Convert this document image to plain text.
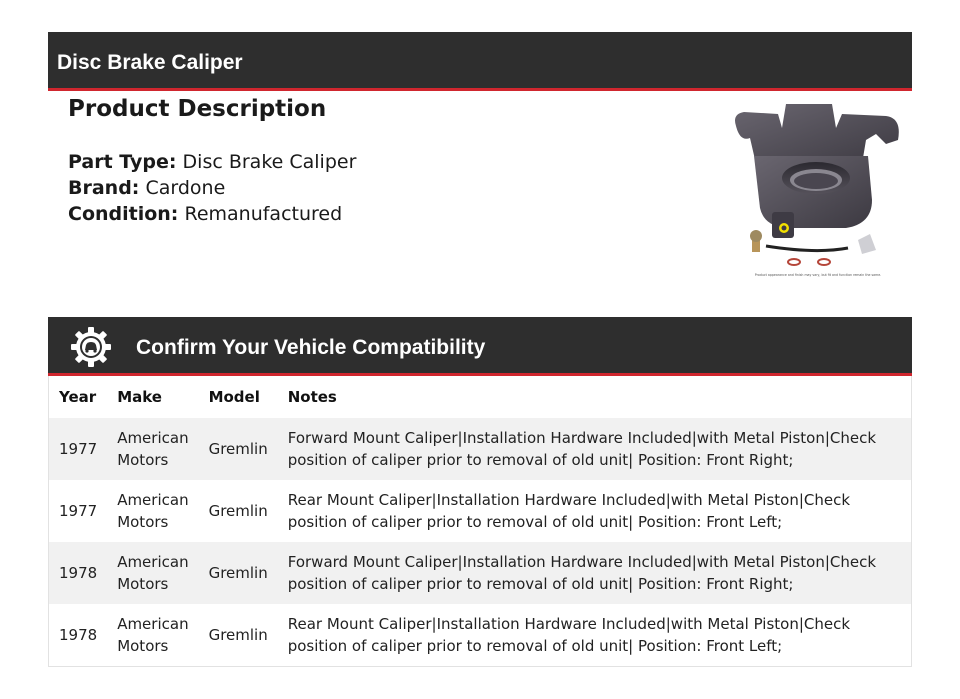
Disc Brake Caliper
Product Description
Part Type: Disc Brake Caliper
Brand: Cardone
Condition: Remanufactured
Product appearance and finish may vary, but fit and function remain the same.
Confirm Your Vehicle Compatibility
Year	Make	Model	Notes
1977	American Motors	Gremlin	Forward Mount Caliper|Installation Hardware Included|with Metal Piston|Check position of caliper prior to removal of old unit| Position: Front Right;
1977	American Motors	Gremlin	Rear Mount Caliper|Installation Hardware Included|with Metal Piston|Check position of caliper prior to removal of old unit| Position: Front Left;
1978	American Motors	Gremlin	Forward Mount Caliper|Installation Hardware Included|with Metal Piston|Check position of caliper prior to removal of old unit| Position: Front Right;
1978	American Motors	Gremlin	Rear Mount Caliper|Installation Hardware Included|with Metal Piston|Check position of caliper prior to removal of old unit| Position: Front Left;
